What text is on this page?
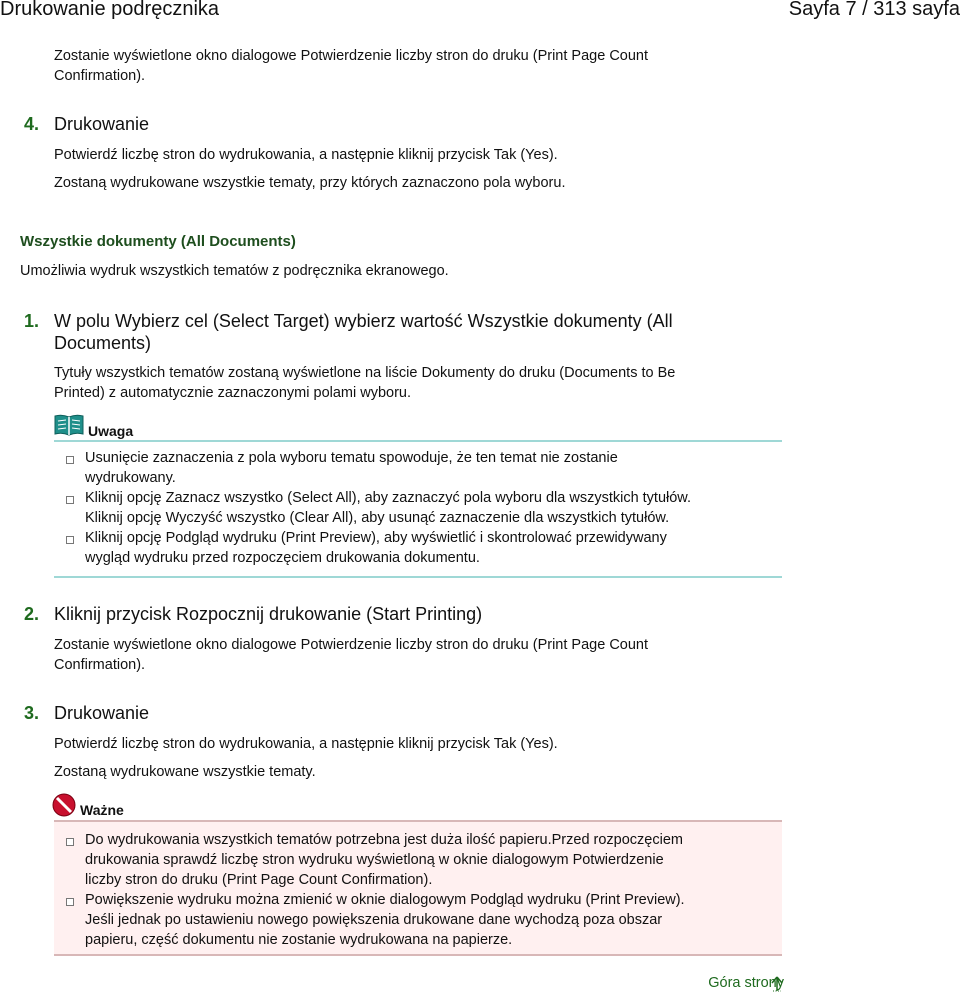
Drukowanie podręcznika	Sayfa 7 / 313 sayfa
Zostanie wyświetlone okno dialogowe Potwierdzenie liczby stron do druku (Print Page Count
Confirmation).
4. Drukowanie
Potwierdź liczbę stron do wydrukowania, a następnie kliknij przycisk Tak (Yes).
Zostaną wydrukowane wszystkie tematy, przy których zaznaczono pola wyboru.
Wszystkie dokumenty (All Documents)
Umożliwia wydruk wszystkich tematów z podręcznika ekranowego.
1. W polu Wybierz cel (Select Target) wybierz wartość Wszystkie dokumenty (All
Documents)
Tytuły wszystkich tematów zostaną wyświetlone na liście Dokumenty do druku (Documents to Be
Printed) z automatycznie zaznaczonymi polami wyboru.
Uwaga
Usunięcie zaznaczenia z pola wyboru tematu spowoduje, że ten temat nie zostanie
wydrukowany.
Kliknij opcję Zaznacz wszystko (Select All), aby zaznaczyć pola wyboru dla wszystkich tytułów.
Kliknij opcję Wyczyść wszystko (Clear All), aby usunąć zaznaczenie dla wszystkich tytułów.
Kliknij opcję Podgląd wydruku (Print Preview), aby wyświetlić i skontrolować przewidywany
wygląd wydruku przed rozpoczęciem drukowania dokumentu.
2. Kliknij przycisk Rozpocznij drukowanie (Start Printing)
Zostanie wyświetlone okno dialogowe Potwierdzenie liczby stron do druku (Print Page Count
Confirmation).
3. Drukowanie
Potwierdź liczbę stron do wydrukowania, a następnie kliknij przycisk Tak (Yes).
Zostaną wydrukowane wszystkie tematy.
Ważne
Do wydrukowania wszystkich tematów potrzebna jest duża ilość papieru.Przed rozpoczęciem
drukowania sprawdź liczbę stron wydruku wyświetloną w oknie dialogowym Potwierdzenie
liczby stron do druku (Print Page Count Confirmation).
Powiększenie wydruku można zmienić w oknie dialogowym Podgląd wydruku (Print Preview).
Jeśli jednak po ustawieniu nowego powiększenia drukowane dane wychodzą poza obszar
papieru, część dokumentu nie zostanie wydrukowana na papierze.
Góra strony
